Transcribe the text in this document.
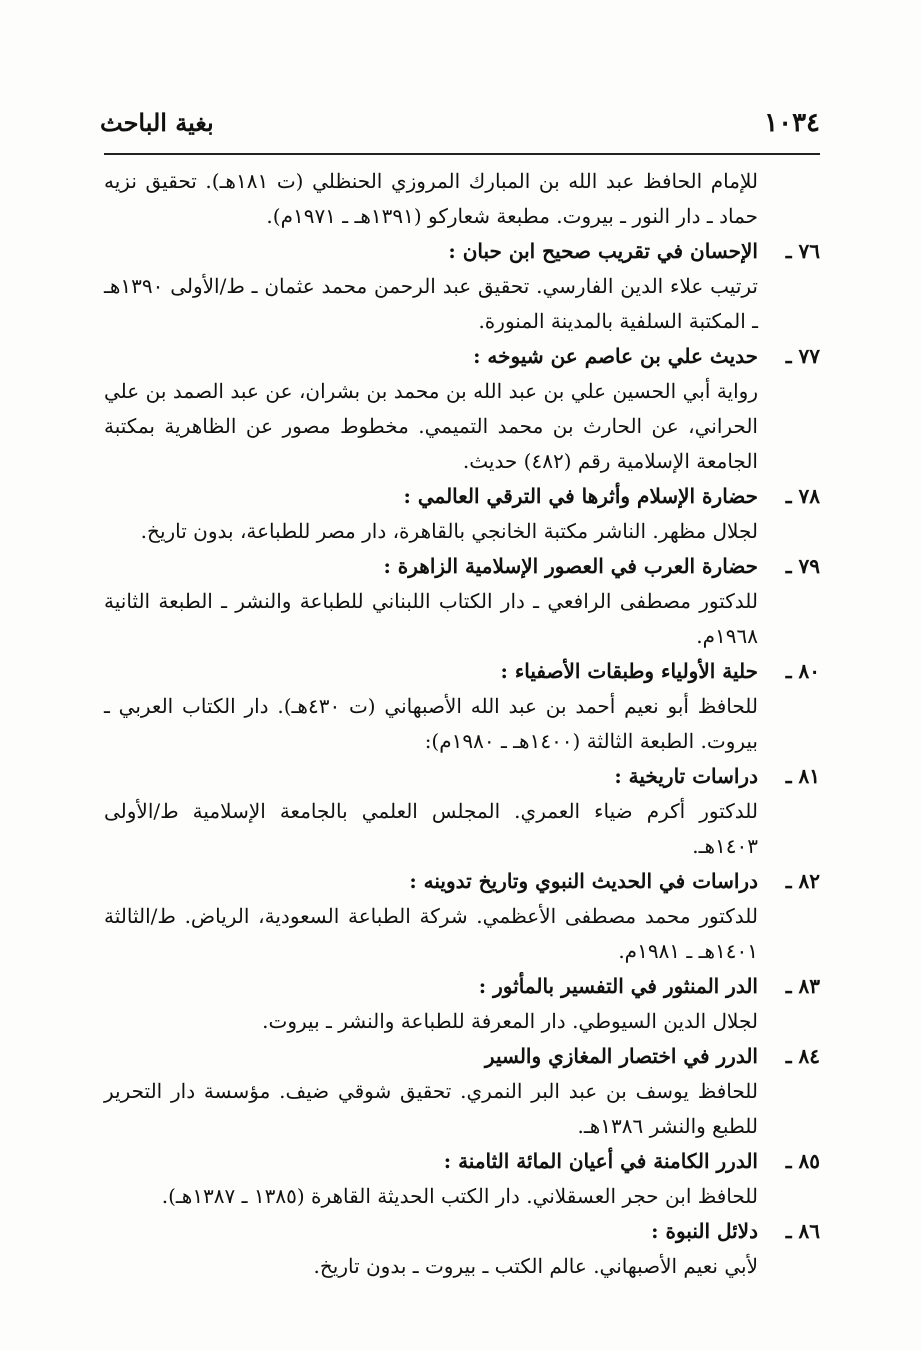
١٠٣٤
بغية الباحث
للإمام الحافظ عبد الله بن المبارك المروزي الحنظلي (ت ١٨١هـ). تحقيق نزيه حماد ـ دار النور ـ بيروت. مطبعة شعاركو (١٣٩١هـ ـ ١٩٧١م).
٧٦ ـ
الإحسان في تقريب صحيح ابن حبان :
ترتيب علاء الدين الفارسي. تحقيق عبد الرحمن محمد عثمان ـ ط/الأولى ١٣٩٠هـ ـ المكتبة السلفية بالمدينة المنورة.
٧٧ ـ
حديث علي بن عاصم عن شيوخه :
رواية أبي الحسين علي بن عبد الله بن محمد بن بشران، عن عبد الصمد بن علي الحراني، عن الحارث بن محمد التميمي. مخطوط مصور عن الظاهرية بمكتبة الجامعة الإسلامية رقم (٤٨٢) حديث.
٧٨ ـ
حضارة الإسلام وأثرها في الترقي العالمي :
لجلال مظهر. الناشر مكتبة الخانجي بالقاهرة، دار مصر للطباعة، بدون تاريخ.
٧٩ ـ
حضارة العرب في العصور الإسلامية الزاهرة :
للدكتور مصطفى الرافعي ـ دار الكتاب اللبناني للطباعة والنشر ـ الطبعة الثانية ١٩٦٨م.
٨٠ ـ
حلية الأولياء وطبقات الأصفياء :
للحافظ أبو نعيم أحمد بن عبد الله الأصبهاني (ت ٤٣٠هـ). دار الكتاب العربي ـ بيروت. الطبعة الثالثة (١٤٠٠هـ ـ ١٩٨٠م):
٨١ ـ
دراسات تاريخية :
للدكتور أكرم ضياء العمري. المجلس العلمي بالجامعة الإسلامية ط/الأولى ١٤٠٣هـ.
٨٢ ـ
دراسات في الحديث النبوي وتاريخ تدوينه :
للدكتور محمد مصطفى الأعظمي. شركة الطباعة السعودية، الرياض. ط/الثالثة ١٤٠١هـ ـ ١٩٨١م.
٨٣ ـ
الدر المنثور في التفسير بالمأثور :
لجلال الدين السيوطي. دار المعرفة للطباعة والنشر ـ بيروت.
٨٤ ـ
الدرر في اختصار المغازي والسير
للحافظ يوسف بن عبد البر النمري. تحقيق شوقي ضيف. مؤسسة دار التحرير للطبع والنشر ١٣٨٦هـ.
٨٥ ـ
الدرر الكامنة في أعيان المائة الثامنة :
للحافظ ابن حجر العسقلاني. دار الكتب الحديثة القاهرة (١٣٨٥ ـ ١٣٨٧هـ).
٨٦ ـ
دلائل النبوة :
لأبي نعيم الأصبهاني. عالم الكتب ـ بيروت ـ بدون تاريخ.
